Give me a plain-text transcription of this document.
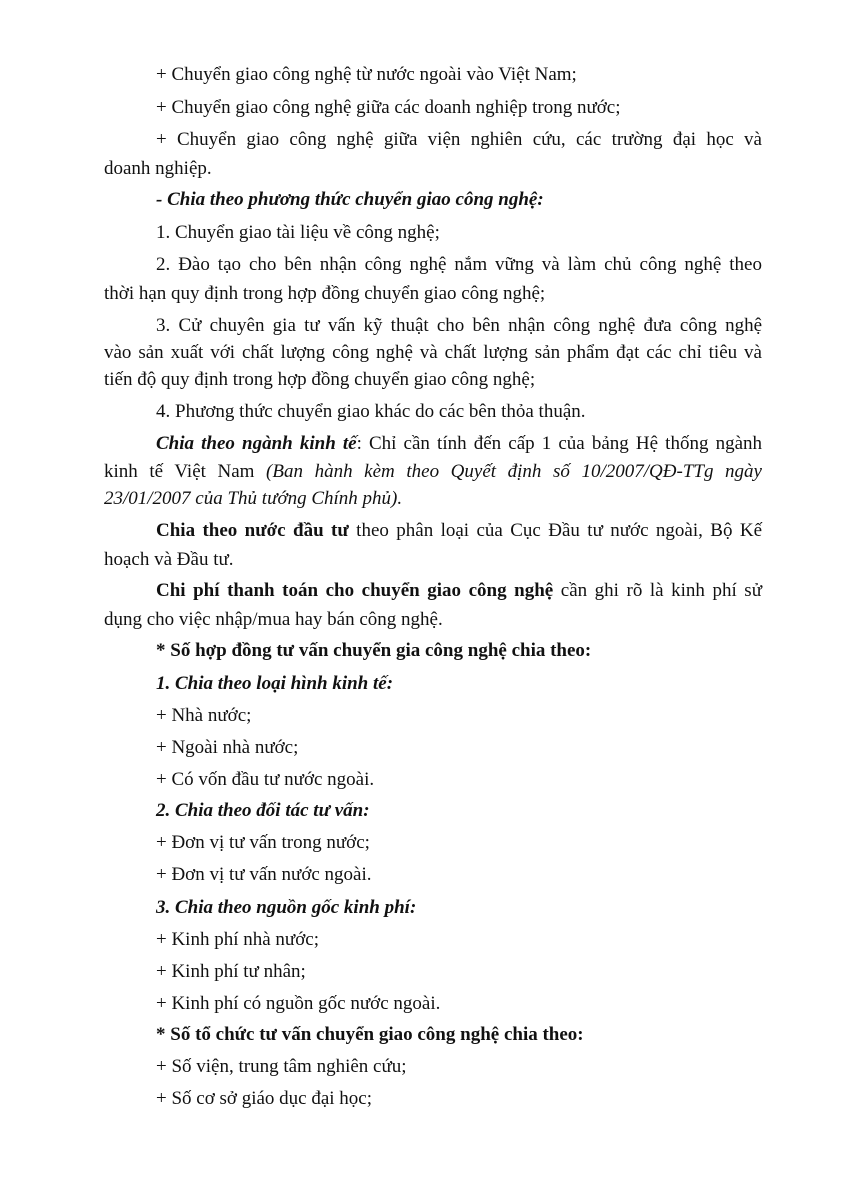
+ Chuyển giao công nghệ từ nước ngoài vào Việt Nam;
+ Chuyển giao công nghệ giữa các doanh nghiệp trong nước;
+ Chuyển giao công nghệ giữa viện nghiên cứu, các trường đại học và
doanh nghiệp.
- Chia theo phương thức chuyển giao công nghệ:
1. Chuyển giao tài liệu về công nghệ;
2. Đào tạo cho bên nhận công nghệ nắm vững và làm chủ công nghệ theo
thời hạn quy định trong hợp đồng chuyển giao công nghệ;
3. Cử chuyên gia tư vấn kỹ thuật cho bên nhận công nghệ đưa công nghệ
vào sản xuất với chất lượng công nghệ và chất lượng sản phẩm đạt các chỉ tiêu và
tiến độ quy định trong hợp đồng chuyển giao công nghệ;
4. Phương thức chuyển giao khác do các bên thỏa thuận.
Chia theo ngành kinh tế: Chỉ cần tính đến cấp 1 của bảng Hệ thống ngành
kinh tế Việt Nam (Ban hành kèm theo Quyết định số 10/2007/QĐ-TTg ngày
23/01/2007 của Thủ tướng Chính phủ).
Chia theo nước đầu tư theo phân loại của Cục Đầu tư nước ngoài, Bộ Kế
hoạch và Đầu tư.
Chi phí thanh toán cho chuyển giao công nghệ cần ghi rõ là kinh phí sử
dụng cho việc nhập/mua hay bán công nghệ.
* Số hợp đồng tư vấn chuyển gia công nghệ chia theo:
1. Chia theo loại hình kinh tế:
+ Nhà nước;
+ Ngoài nhà nước;
+ Có vốn đầu tư nước ngoài.
2. Chia theo đối tác tư vấn:
+ Đơn vị tư vấn trong nước;
+ Đơn vị tư vấn nước ngoài.
3. Chia theo nguồn gốc kinh phí:
+ Kinh phí nhà nước;
+ Kinh phí tư nhân;
+ Kinh phí có nguồn gốc nước ngoài.
* Số tổ chức tư vấn chuyển giao công nghệ chia theo:
+ Số viện, trung tâm nghiên cứu;
+ Số cơ sở giáo dục đại học;
